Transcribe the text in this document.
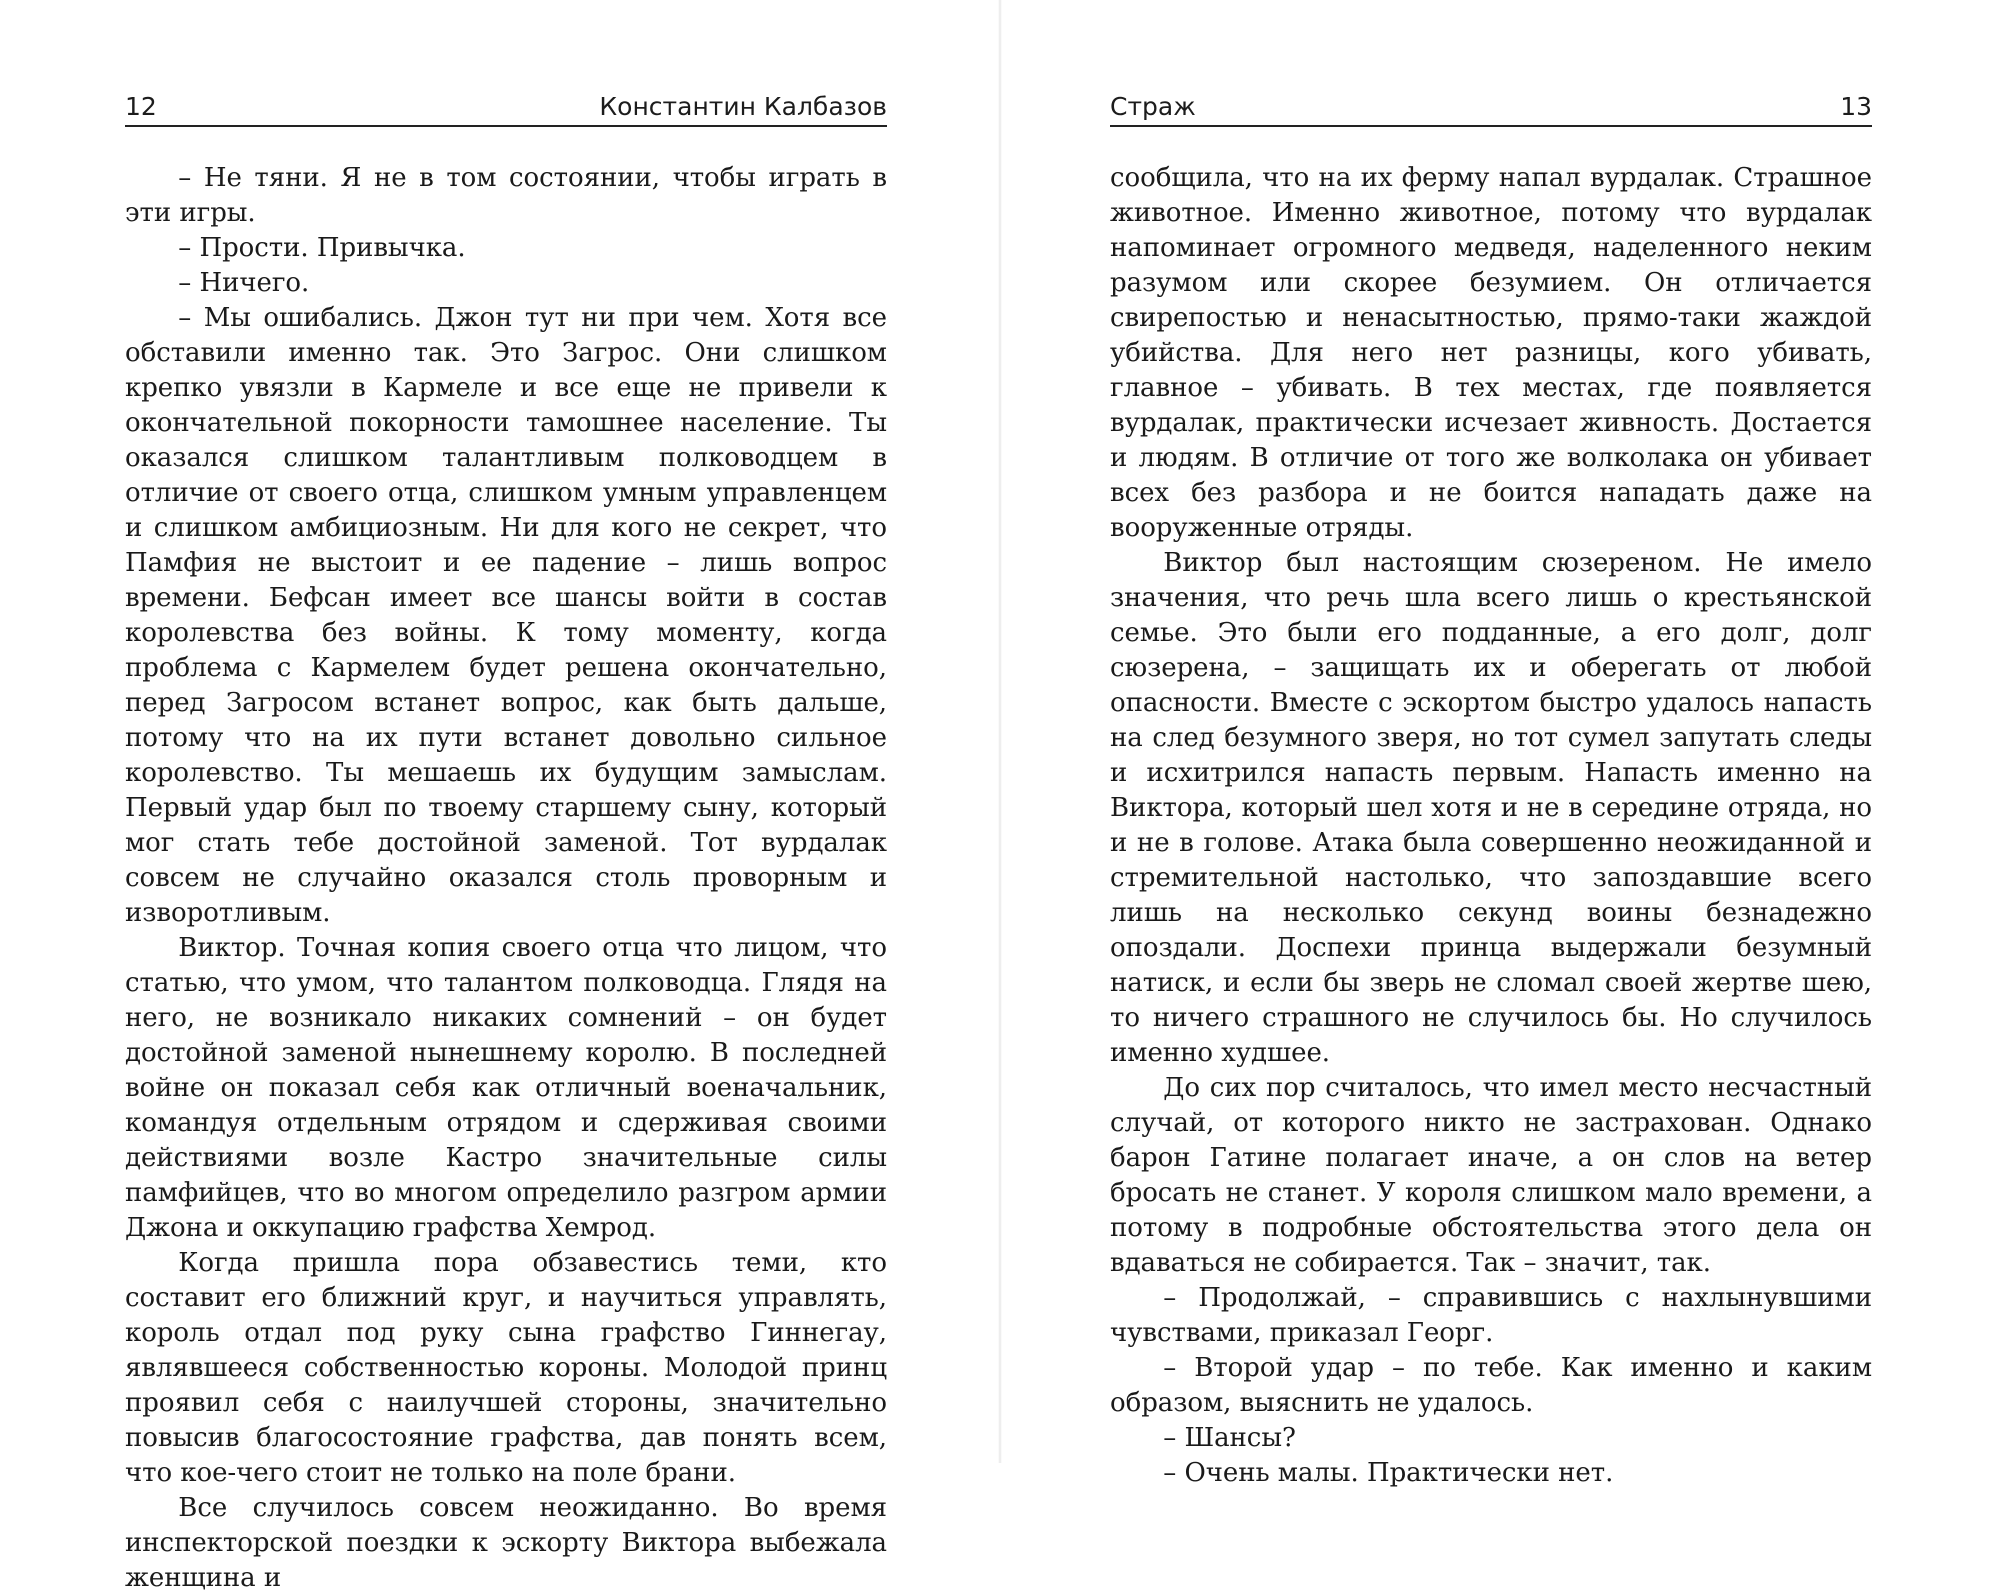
12	Константин Калбазов

– Не тяни. Я не в том состоянии, чтобы играть в эти игры.

– Прости. Привычка.

– Ничего.

– Мы ошибались. Джон тут ни при чем. Хотя все обставили именно так. Это Загрос. Они слишком крепко увязли в Кармеле и все еще не привели к окончательной покорности тамошнее население. Ты оказался слишком талантливым полководцем в отличие от своего отца, слишком умным управленцем и слишком амбициозным. Ни для кого не секрет, что Памфия не выстоит и ее падение – лишь вопрос времени. Бефсан имеет все шансы войти в состав королевства без войны. К тому моменту, когда проблема с Кармелем будет решена окончательно, перед Загросом встанет вопрос, как быть дальше, потому что на их пути встанет довольно сильное королевство. Ты мешаешь их будущим замыслам. Первый удар был по твоему старшему сыну, который мог стать тебе достойной заменой. Тот вурдалак совсем не случайно оказался столь проворным и изворотливым.

Виктор. Точная копия своего отца что лицом, что статью, что умом, что талантом полководца. Глядя на него, не возникало никаких сомнений – он будет достойной заменой нынешнему королю. В последней войне он показал себя как отличный военачальник, командуя отдельным отрядом и сдерживая своими действиями возле Кастро значительные силы памфийцев, что во многом определило разгром армии Джона и оккупацию графства Хемрод.

Когда пришла пора обзавестись теми, кто составит его ближний круг, и научиться управлять, король отдал под руку сына графство Гиннегау, являвшееся собственностью короны. Молодой принц проявил себя с наилучшей стороны, значительно повысив благосостояние графства, дав понять всем, что кое-чего стоит не только на поле брани.

Все случилось совсем неожиданно. Во время инспекторской поездки к эскорту Виктора выбежала женщина и

Страж	13

сообщила, что на их ферму напал вурдалак. Страшное животное. Именно животное, потому что вурдалак напоминает огромного медведя, наделенного неким разумом или скорее безумием. Он отличается свирепостью и ненасытностью, прямо-таки жаждой убийства. Для него нет разницы, кого убивать, главное – убивать. В тех местах, где появляется вурдалак, практически исчезает живность. Достается и людям. В отличие от того же волколака он убивает всех без разбора и не боится нападать даже на вооруженные отряды.

Виктор был настоящим сюзереном. Не имело значения, что речь шла всего лишь о крестьянской семье. Это были его подданные, а его долг, долг сюзерена, – защищать их и оберегать от любой опасности. Вместе с эскортом быстро удалось напасть на след безумного зверя, но тот сумел запутать следы и исхитрился напасть первым. Напасть именно на Виктора, который шел хотя и не в середине отряда, но и не в голове. Атака была совершенно неожиданной и стремительной настолько, что запоздавшие всего лишь на несколько секунд воины безнадежно опоздали. Доспехи принца выдержали безумный натиск, и если бы зверь не сломал своей жертве шею, то ничего страшного не случилось бы. Но случилось именно худшее.

До сих пор считалось, что имел место несчастный случай, от которого никто не застрахован. Однако барон Гатине полагает иначе, а он слов на ветер бросать не станет. У короля слишком мало времени, а потому в подробные обстоятельства этого дела он вдаваться не собирается. Так – значит, так.

– Продолжай, – справившись с нахлынувшими чувствами, приказал Георг.

– Второй удар – по тебе. Как именно и каким образом, выяснить не удалось.

– Шансы?

– Очень малы. Практически нет.
